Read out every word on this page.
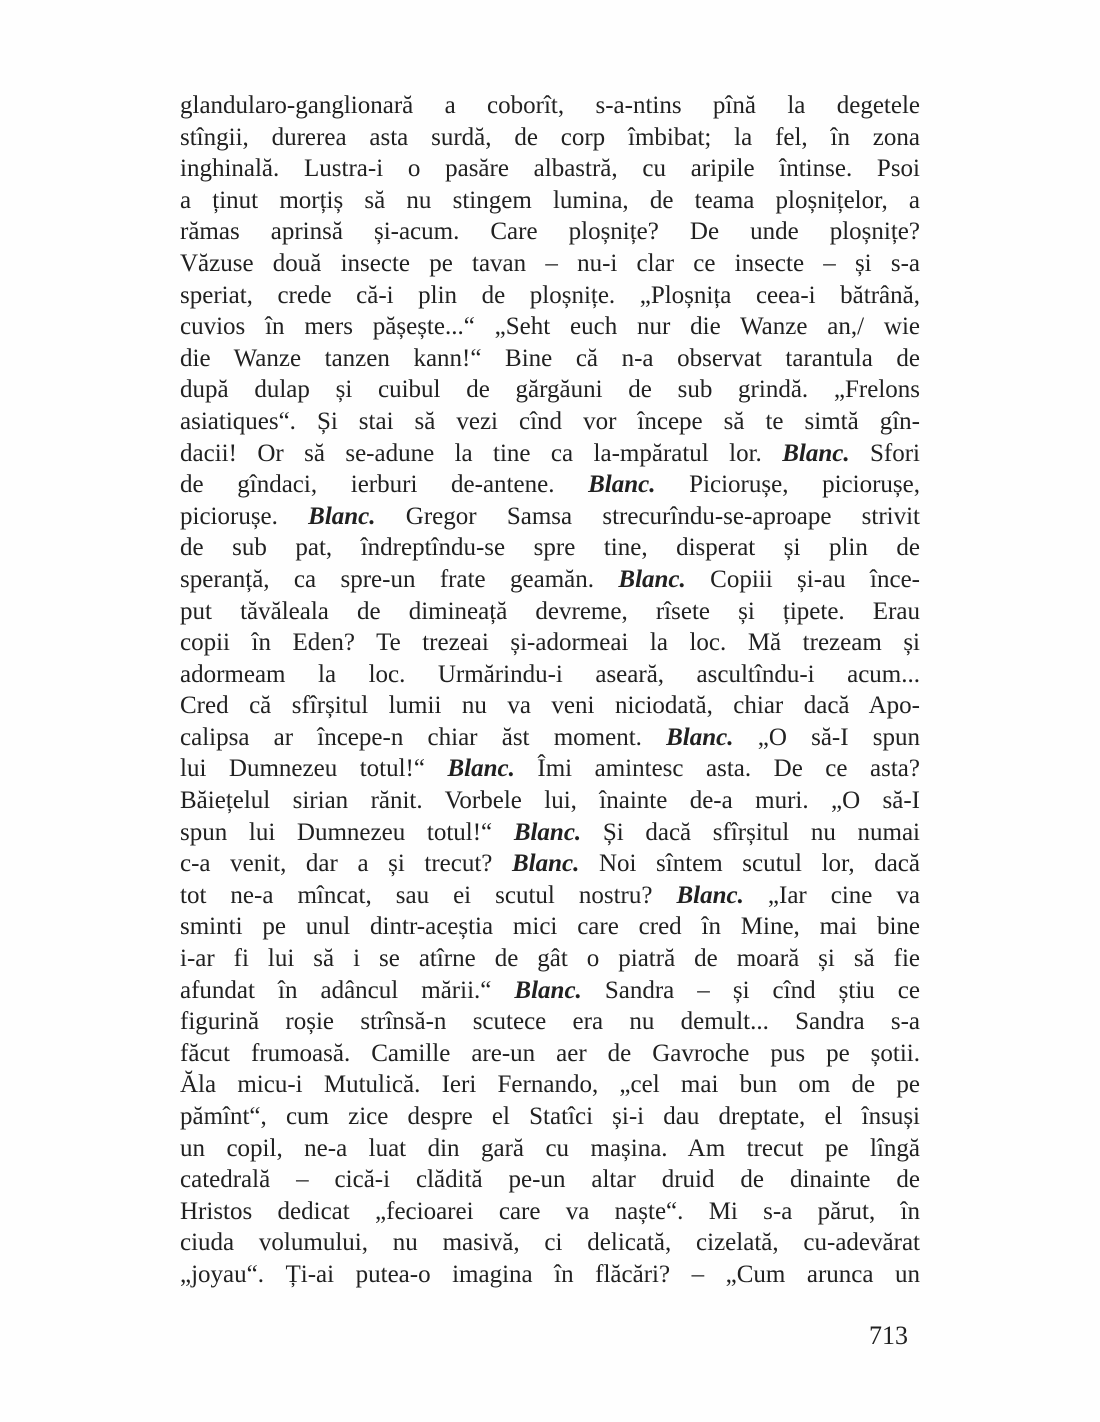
glandularo-ganglionară a coborît, s-a-ntins pînă la degetele
stîngii, durerea asta surdă, de corp îmbibat; la fel, în zona
inghinală. Lustra-i o pasăre albastră, cu aripile întinse. Psoi
a ținut morțiș să nu stingem lumina, de teama ploșnițelor, a
rămas aprinsă și-acum. Care ploșnițe? De unde ploșnițe?
Văzuse două insecte pe tavan – nu-i clar ce insecte – și s-a
speriat, crede că-i plin de ploșnițe. „Ploșnița ceea-i bătrână,
cuvios în mers pășește...“ „Seht euch nur die Wanze an,/ wie
die Wanze tanzen kann!“ Bine că n-a observat tarantula de
după dulap și cuibul de gărgăuni de sub grindă. „Frelons
asiatiques“. Și stai să vezi cînd vor începe să te simtă gîn-
dacii! Or să se-adune la tine ca la-mpăratul lor. Blanc. Sfori
de gîndaci, ierburi de-antene. Blanc. Piciorușe, piciorușe,
piciorușe. Blanc. Gregor Samsa strecurîndu-se-aproape strivit
de sub pat, îndreptîndu-se spre tine, disperat și plin de
speranță, ca spre-un frate geamăn. Blanc. Copiii și-au înce-
put tăvăleala de dimineață devreme, rîsete și țipete. Erau
copii în Eden? Te trezeai și-adormeai la loc. Mă trezeam și
adormeam la loc. Urmărindu-i aseară, ascultîndu-i acum...
Cred că sfîrșitul lumii nu va veni niciodată, chiar dacă Apo-
calipsa ar începe-n chiar ăst moment. Blanc. „O să-I spun
lui Dumnezeu totul!“ Blanc. Îmi amintesc asta. De ce asta?
Băiețelul sirian rănit. Vorbele lui, înainte de-a muri. „O să-I
spun lui Dumnezeu totul!“ Blanc. Și dacă sfîrșitul nu numai
c-a venit, dar a și trecut? Blanc. Noi sîntem scutul lor, dacă
tot ne-a mîncat, sau ei scutul nostru? Blanc. „Iar cine va
sminti pe unul dintr-aceștia mici care cred în Mine, mai bine
i-ar fi lui să i se atîrne de gât o piatră de moară și să fie
afundat în adâncul mării.“ Blanc. Sandra – și cînd știu ce
figurină roșie strînsă-n scutece era nu demult... Sandra s-a
făcut frumoasă. Camille are-un aer de Gavroche pus pe șotii.
Ăla micu-i Mutulică. Ieri Fernando, „cel mai bun om de pe
pămînt“, cum zice despre el Statîci și-i dau dreptate, el însuși
un copil, ne-a luat din gară cu mașina. Am trecut pe lîngă
catedrală – cică-i clădită pe-un altar druid de dinainte de
Hristos dedicat „fecioarei care va naște“. Mi s-a părut, în
ciuda volumului, nu masivă, ci delicată, cizelată, cu-adevărat
„joyau“. Ți-ai putea-o imagina în flăcări? – „Cum arunca un
713
